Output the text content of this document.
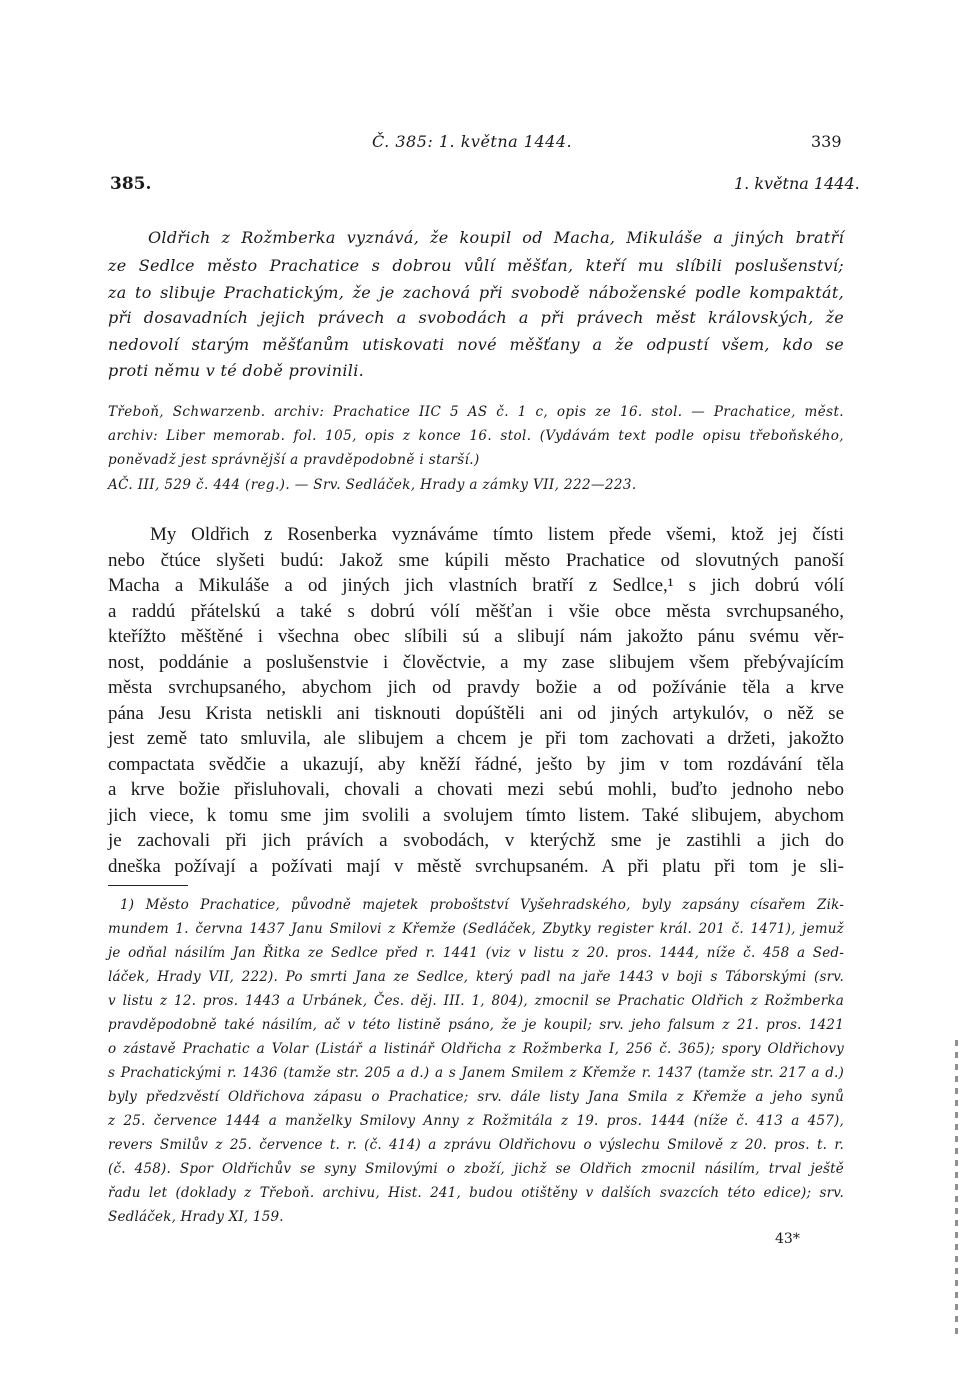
Č. 385: 1. května 1444.	339
385.	1. května 1444.
Oldřich z Rožmberka vyznává, že koupil od Macha, Mikuláše a jiných bratří
ze Sedlce město Prachatice s dobrou vůlí měšťan, kteří mu slíbili poslušenství;
za to slibuje Prachatickým, že je zachová při svobodě náboženské podle kompaktát,
při dosavadních jejich právech a svobodách a při právech měst královských, že
nedovolí starým měšťanům utiskovati nové měšťany a že odpustí všem, kdo se
proti němu v té době provinili.
Třeboň, Schwarzenb. archiv: Prachatice IIC 5 AS č. 1 c, opis ze 16. stol. — Prachatice, měst.
archiv: Liber memorab. fol. 105, opis z konce 16. stol. (Vydávám text podle opisu třeboňského,
poněvadž jest správnější a pravděpodobně i starší.)
AČ. III, 529 č. 444 (reg.). — Srv. Sedláček, Hrady a zámky VII, 222—223.
My Oldřich z Rosenberka vyznáváme tímto listem přede všemi, ktož jej čísti
nebo čtúce slyšeti budú: Jakož sme kúpili město Prachatice od slovutných panoší
Macha a Mikuláše a od jiných jich vlastních bratří z Sedlce,¹ s jich dobrú vólí
a raddú přátelskú a také s dobrú vólí měšťan i všie obce města svrchupsaného,
kteřížto měštěné i všechna obec slíbili sú a slibují nám jakožto pánu svému věr-
nost, poddánie a poslušenstvie i člověctvie, a my zase slibujem všem přebývajícím
města svrchupsaného, abychom jich od pravdy božie a od požívánie těla a krve
pána Jesu Krista netiskli ani tisknouti dopúštěli ani od jiných artykulóv, o něž se
jest země tato smluvila, ale slibujem a chcem je při tom zachovati a držeti, jakožto
compactata svědčie a ukazují, aby kněží řádné, ješto by jim v tom rozdávání těla
a krve božie přisluhovali, chovali a chovati mezi sebú mohli, buďto jednoho nebo
jich viece, k tomu sme jim svolili a svolujem tímto listem. Také slibujem, abychom
je zachovali při jich právích a svobodách, v kterýchž sme je zastihli a jich do
dneška požívají a požívati mají v městě svrchupsaném. A při platu při tom je sli-
1) Město Prachatice, původně majetek proboštství Vyšehradského, byly zapsány císařem Zik-
mundem 1. června 1437 Janu Smilovi z Křemže (Sedláček, Zbytky register král. 201 č. 1471), jemuž
je odňal násilím Jan Řitka ze Sedlce před r. 1441 (viz v listu z 20. pros. 1444, níže č. 458 a Sed-
láček, Hrady VII, 222). Po smrti Jana ze Sedlce, který padl na jaře 1443 v boji s Táborskými (srv.
v listu z 12. pros. 1443 a Urbánek, Čes. děj. III. 1, 804), zmocnil se Prachatic Oldřich z Rožmberka
pravděpodobně také násilím, ač v této listině psáno, že je koupil; srv. jeho falsum z 21. pros. 1421
o zástavě Prachatic a Volar (Listář a listinář Oldřicha z Rožmberka I, 256 č. 365); spory Oldřichovy
s Prachatickými r. 1436 (tamže str. 205 a d.) a s Janem Smilem z Křemže r. 1437 (tamže str. 217 a d.)
byly předzvěstí Oldřichova zápasu o Prachatice; srv. dále listy Jana Smila z Křemže a jeho synů
z 25. července 1444 a manželky Smilovy Anny z Rožmitála z 19. pros. 1444 (níže č. 413 a 457),
revers Smilův z 25. července t. r. (č. 414) a zprávu Oldřichovu o výslechu Smilově z 20. pros. t. r.
(č. 458). Spor Oldřichův se syny Smilovými o zboží, jichž se Oldřich zmocnil násilím, trval ještě
řadu let (doklady z Třeboň. archivu, Hist. 241, budou otištěny v dalších svazcích této edice); srv.
Sedláček, Hrady XI, 159.
43*
